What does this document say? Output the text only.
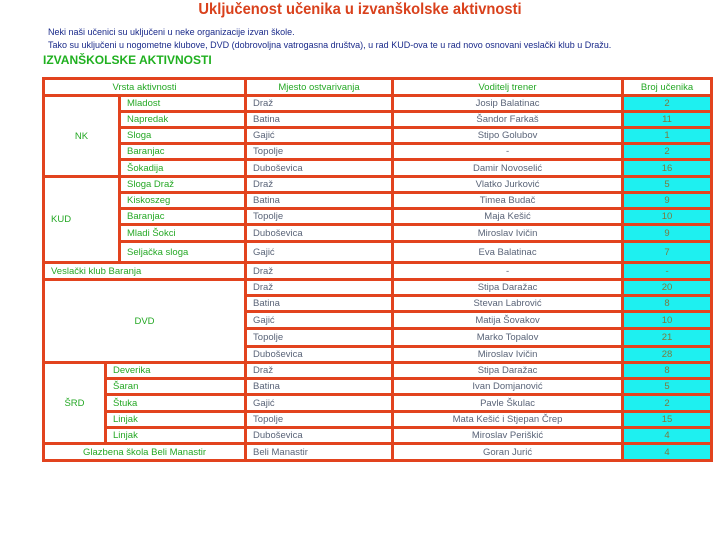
Uključenost učenika u izvanškolske aktivnosti
Neki naši učenici su uključeni u neke organizacije izvan škole.
Tako su uključeni u nogometne klubove, DVD (dobrovoljna vatrogasna društva), u rad KUD-ova te u rad novo osnovani veslački klub u Dražu.
IZVANŠKOLSKE AKTIVNOSTI
Vrsta aktivnosti			Mjesto ostvarivanja	Voditelj trener	Broj učenika
NK		Mladost	Draž	Josip Balatinac	2
		Napredak	Batina	Šandor Farkaš	11
		Sloga	Gajić	Stipo Golubov	1
		Baranjac	Topolje	-	2
		Šokadija	Duboševica	Damir Novoselić	16
KUD		Sloga Draž	Draž	Vlatko Jurković	5
		Kiskoszeg	Batina	Timea Budač	9
		Baranjac	Topolje	Maja Kešić	10
		Mladi Šokci	Duboševica	Miroslav Ivičin	9
		Seljačka sloga	Gajić	Eva Balatinac	7
Veslački klub Baranja			Draž	-	-
DVD			Draž	Stipa Daražac	20
			Batina	Stevan Labrović	8
			Gajić	Matija Šovakov	10
			Topolje	Marko Topalov	21
			Duboševica	Miroslav Ivičin	28
ŠRD	Deverika		Draž	Stipa Daražac	8
	Šaran		Batina	Ivan Domjanović	5
	Štuka		Gajić	Pavle Škulac	2
	Linjak		Topolje	Mata Kešić i Stjepan Črep	15
	Linjak		Duboševica	Miroslav Periškić	4
Glazbena škola Beli Manastir			Beli Manastir	Goran Jurić	4
